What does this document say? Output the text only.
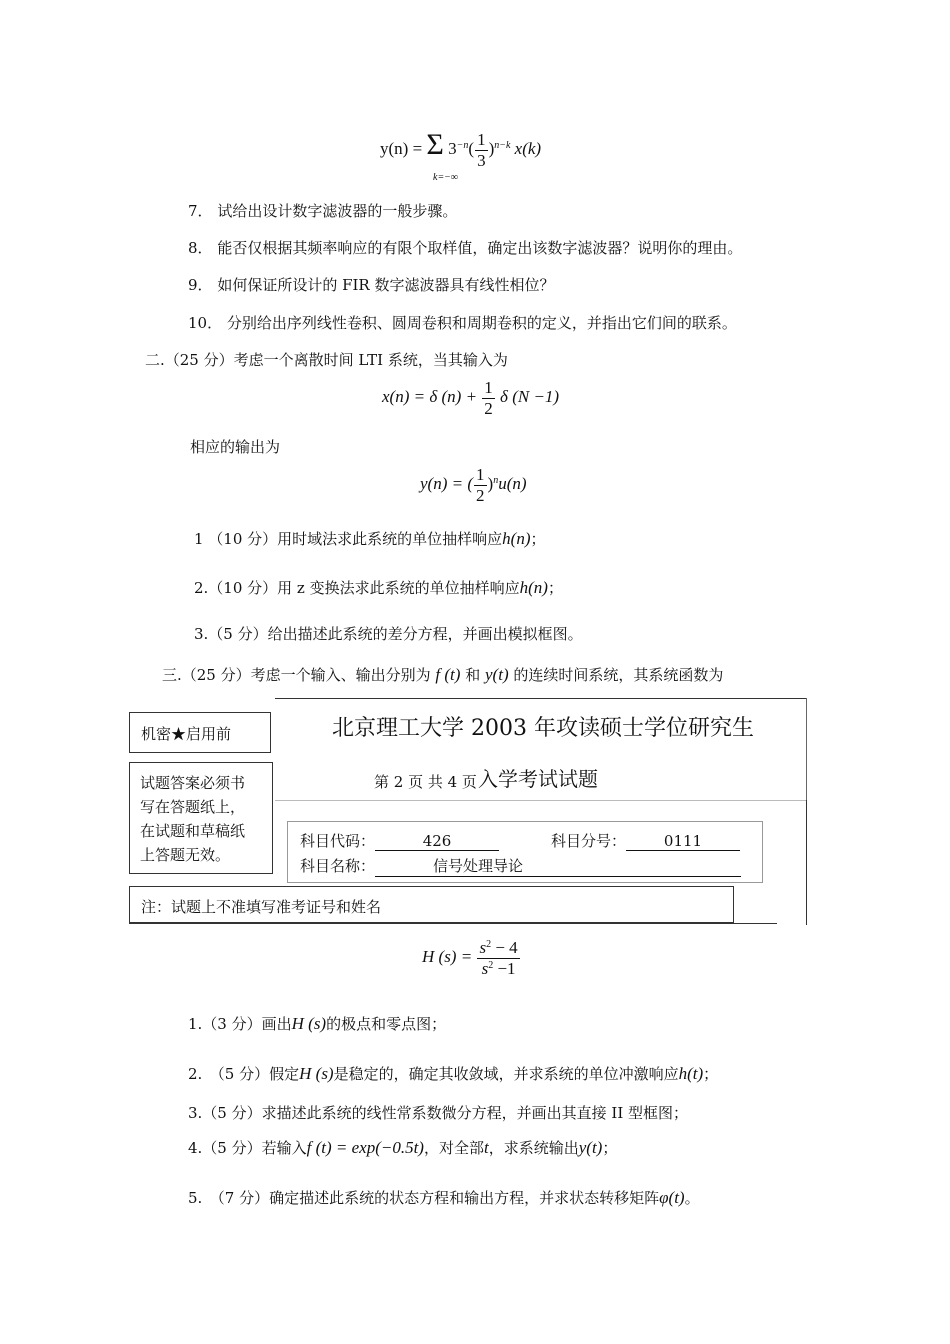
y(n) = Σ $3^{-n}( \frac{1}{3} )^{n-k}$ x(k)
k=−∞
7． 试给出设计数字滤波器的一般步骤。
8． 能否仅根据其频率响应的有限个取样值，确定出该数字滤波器？说明你的理由。
9． 如何保证所设计的 FIR 数字滤波器具有线性相位？
10． 分别给出序列线性卷积、圆周卷积和周期卷积的定义，并指出它们间的联系。
二.（25 分）考虑一个离散时间 LTI 系统，当其输入为
x(n) = δ $(n) + \frac{1}{2}$ δ (N −1)
相应的输出为
y(n) = ( $\frac{1}{2} )^nu(n)$
1 （10 分）用时域法求此系统的单位抽样响应h(n)；
2.（10 分）用 z 变换法求此系统的单位抽样响应h(n)；
3.（5 分）给出描述此系统的差分方程，并画出模拟框图。
三.（25 分）考虑一个输入、输出分别为 f (t) 和 y(t) 的连续时间系统，其系统函数为
机密★启用前	北京理工大学 2003 年攻读硕士学位研究生
第 2 页 共 4 页 入学考试试题
试题答案必须书
写在答题纸上，
在试题和草稿纸
上答题无效。
科目代码：	426	科目分号：	0111
科目名称：	信号处理导论
注：试题上不准填写准考证号和姓名
H $(s) = \frac{s^2 - 4}{s^2 -1}$
1.（3 分）画出H (s)的极点和零点图；
2.　（5 分）假定H (s)是稳定的，确定其收敛域，并求系统的单位冲激响应h(t)；
3.（5 分）求描述此系统的线性常系数微分方程，并画出其直接 II 型框图；
4.（5 分）若输入f (t) = exp(−0.5t)，对全部t，求系统输出y(t)；
5.　（7 分）确定描述此系统的状态方程和输出方程，并求状态转移矩阵φ(t)。
